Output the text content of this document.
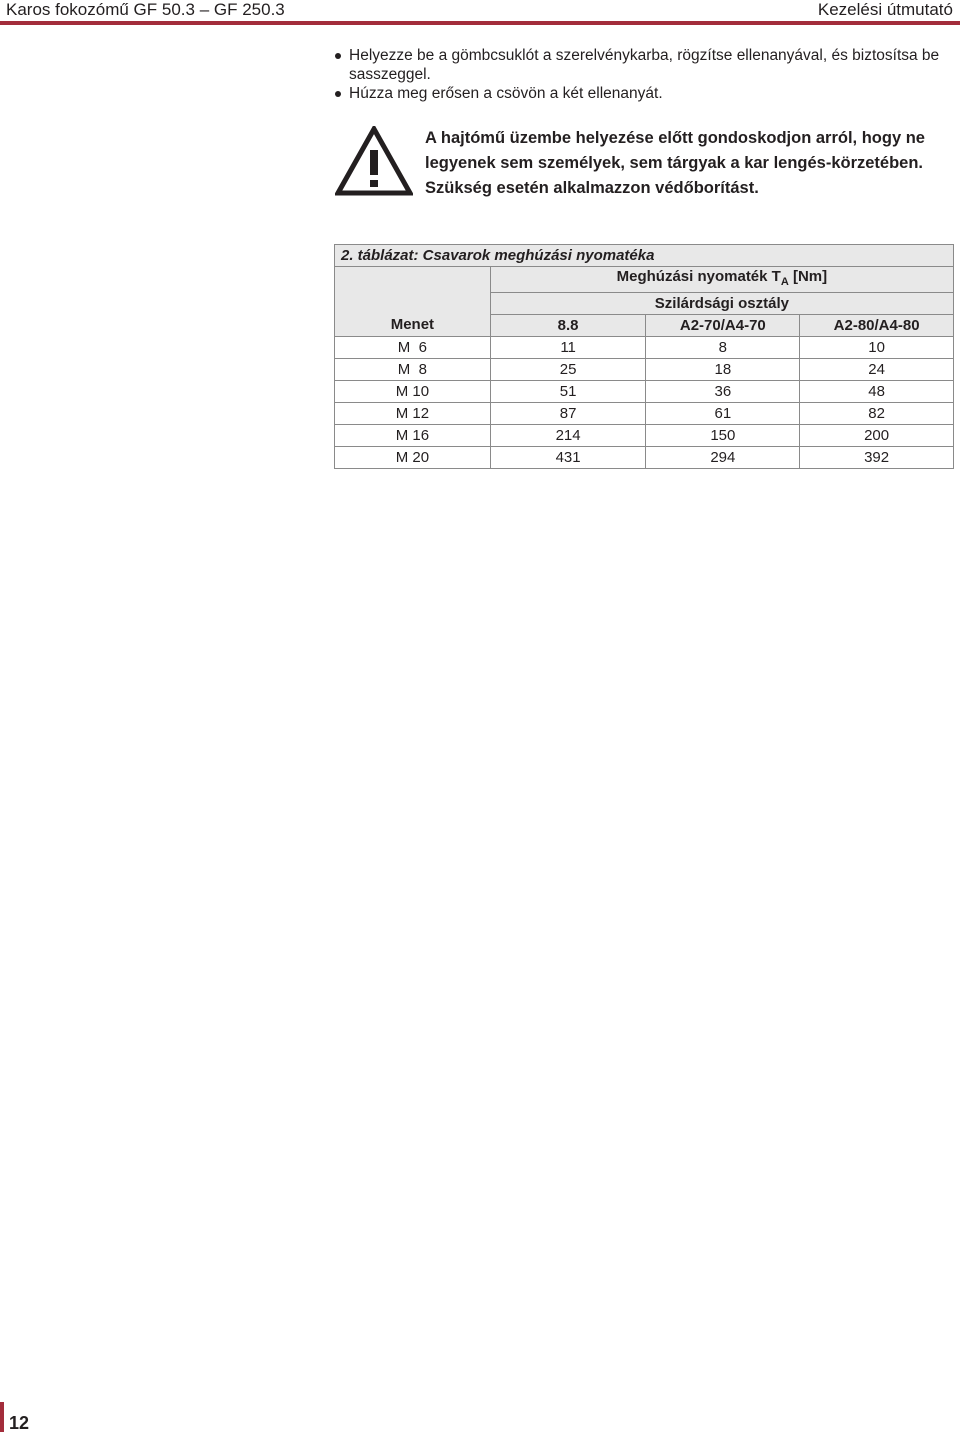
Karos fokozómű GF 50.3 – GF 250.3	Kezelési útmutató
Helyezze be a gömbcsuklót a szerelvénykarba, rögzítse ellenanyával, és biztosítsa be sasszeggel.
Húzza meg erősen a csövön a két ellenanyát.
A hajtómű üzembe helyezése előtt gondoskodjon arról, hogy ne legyenek sem személyek, sem tárgyak a kar lengés-körzetében. Szükség esetén alkalmazzon védőborítást.
2. táblázat: Csavarok meghúzási nyomatéka			
	Meghúzási nyomaték $T_A$ [Nm]		
	Szilárdsági osztály		
Menet	8.8	A2-70/A4-70	A2-80/A4-80
M  6	11	8	10
M  8	25	18	24
M 10	51	36	48
M 12	87	61	82
M 16	214	150	200
M 20	431	294	392
12
